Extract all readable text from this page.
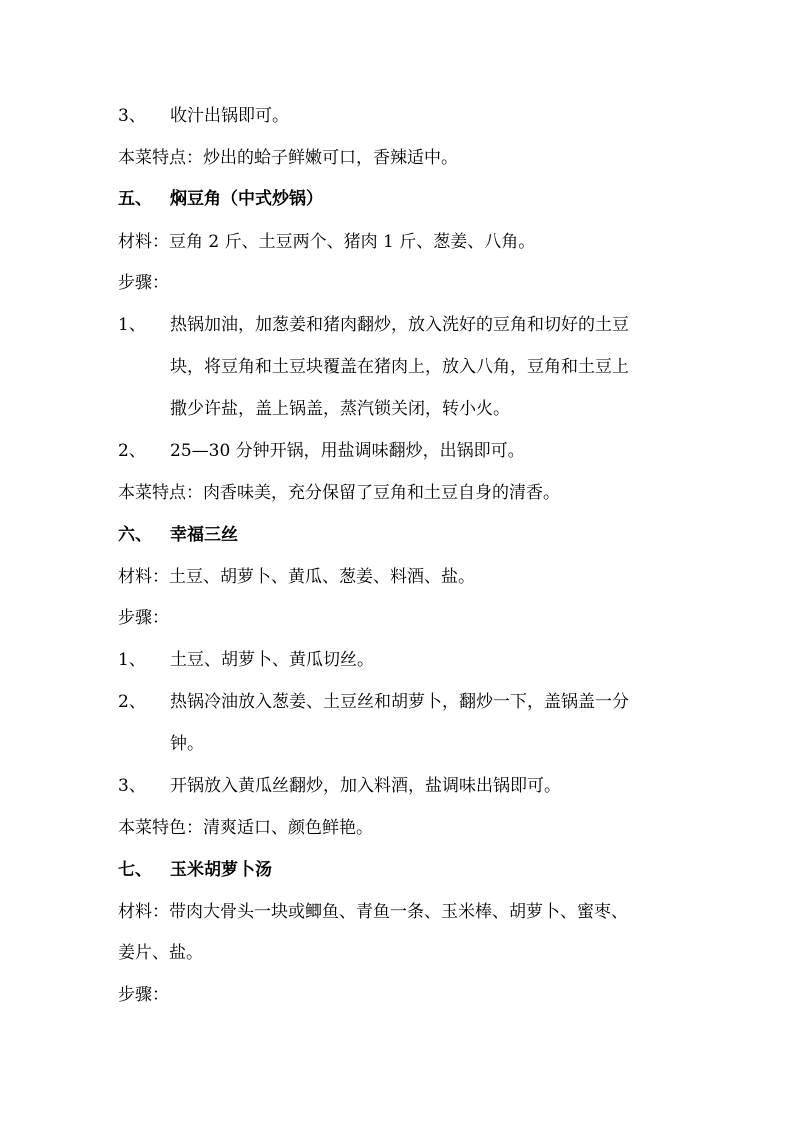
3、 收汁出锅即可。
本菜特点：炒出的蛤子鲜嫩可口，香辣适中。
五、 焖豆角（中式炒锅）
材料：豆角 2 斤、土豆两个、猪肉 1 斤、葱姜、八角。
步骤：
1、 热锅加油，加葱姜和猪肉翻炒，放入洗好的豆角和切好的土豆
块，将豆角和土豆块覆盖在猪肉上，放入八角，豆角和土豆上
撒少许盐，盖上锅盖，蒸汽锁关闭，转小火。
2、 25—30 分钟开锅，用盐调味翻炒，出锅即可。
本菜特点：肉香味美，充分保留了豆角和土豆自身的清香。
六、 幸福三丝
材料：土豆、胡萝卜、黄瓜、葱姜、料酒、盐。
步骤：
1、 土豆、胡萝卜、黄瓜切丝。
2、 热锅冷油放入葱姜、土豆丝和胡萝卜，翻炒一下，盖锅盖一分
钟。
3、 开锅放入黄瓜丝翻炒，加入料酒，盐调味出锅即可。
本菜特色：清爽适口、颜色鲜艳。
七、 玉米胡萝卜汤
材料：带肉大骨头一块或鲫鱼、青鱼一条、玉米棒、胡萝卜、蜜枣、
姜片、盐。
步骤：
